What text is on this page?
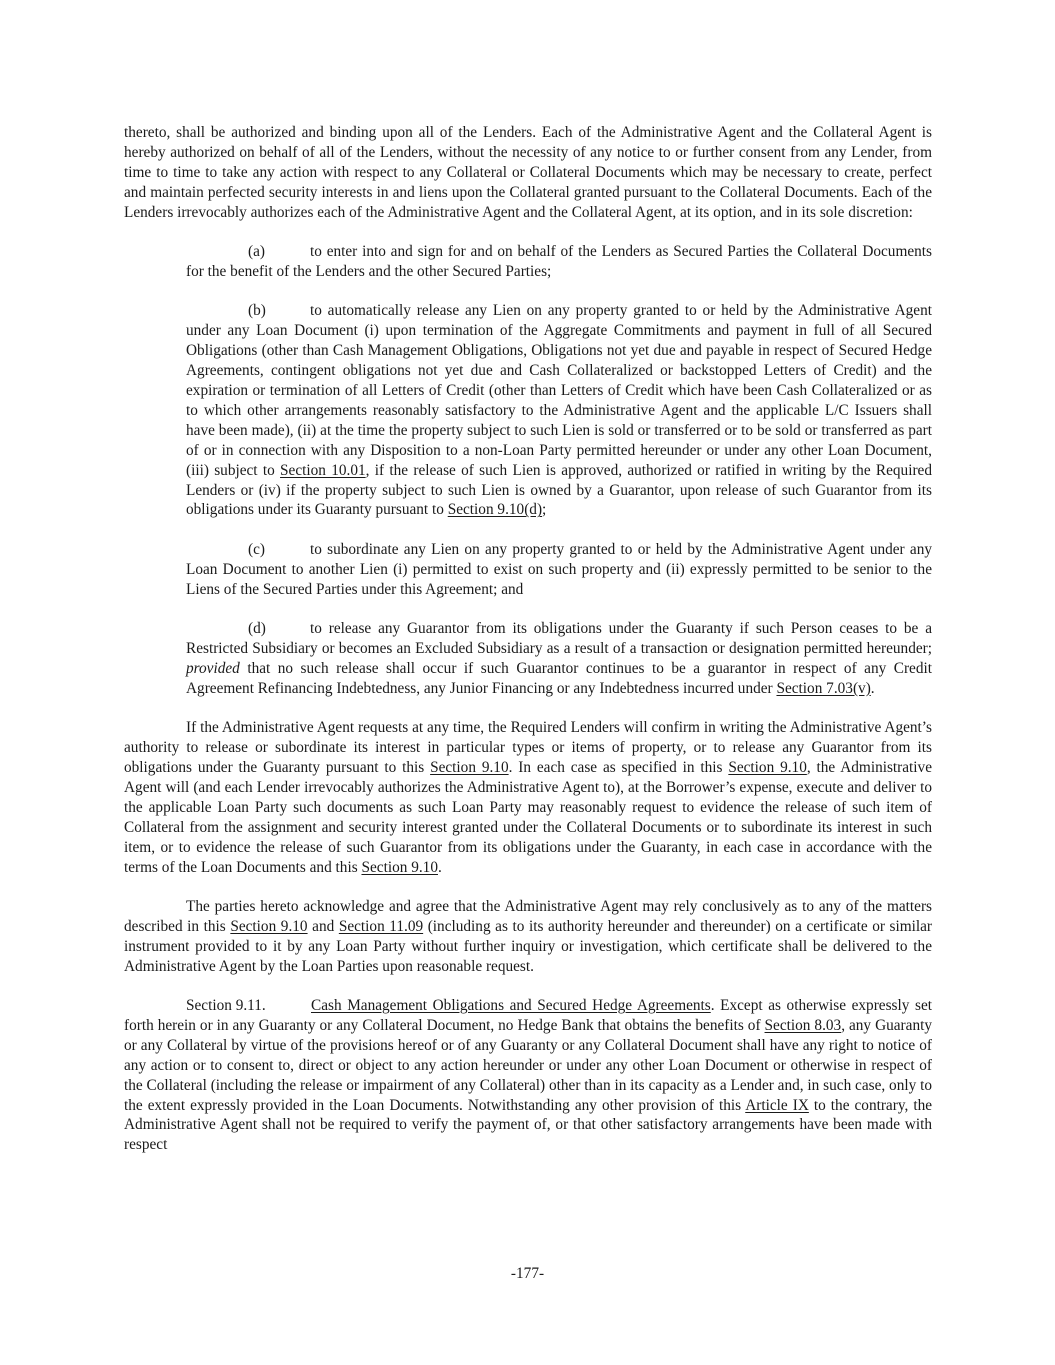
thereto, shall be authorized and binding upon all of the Lenders. Each of the Administrative Agent and the Collateral Agent is hereby authorized on behalf of all of the Lenders, without the necessity of any notice to or further consent from any Lender, from time to time to take any action with respect to any Collateral or Collateral Documents which may be necessary to create, perfect and maintain perfected security interests in and liens upon the Collateral granted pursuant to the Collateral Documents. Each of the Lenders irrevocably authorizes each of the Administrative Agent and the Collateral Agent, at its option, and in its sole discretion:

(a)	to enter into and sign for and on behalf of the Lenders as Secured Parties the Collateral Documents for the benefit of the Lenders and the other Secured Parties;

(b)	to automatically release any Lien on any property granted to or held by the Administrative Agent under any Loan Document (i) upon termination of the Aggregate Commitments and payment in full of all Secured Obligations (other than Cash Management Obligations, Obligations not yet due and payable in respect of Secured Hedge Agreements, contingent obligations not yet due and Cash Collateralized or backstopped Letters of Credit) and the expiration or termination of all Letters of Credit (other than Letters of Credit which have been Cash Collateralized or as to which other arrangements reasonably satisfactory to the Administrative Agent and the applicable L/C Issuers shall have been made), (ii) at the time the property subject to such Lien is sold or transferred or to be sold or transferred as part of or in connection with any Disposition to a non-Loan Party permitted hereunder or under any other Loan Document, (iii) subject to Section 10.01, if the release of such Lien is approved, authorized or ratified in writing by the Required Lenders or (iv) if the property subject to such Lien is owned by a Guarantor, upon release of such Guarantor from its obligations under its Guaranty pursuant to Section 9.10(d);

(c)	to subordinate any Lien on any property granted to or held by the Administrative Agent under any Loan Document to another Lien (i) permitted to exist on such property and (ii) expressly permitted to be senior to the Liens of the Secured Parties under this Agreement; and

(d)	to release any Guarantor from its obligations under the Guaranty if such Person ceases to be a Restricted Subsidiary or becomes an Excluded Subsidiary as a result of a transaction or designation permitted hereunder; provided that no such release shall occur if such Guarantor continues to be a guarantor in respect of any Credit Agreement Refinancing Indebtedness, any Junior Financing or any Indebtedness incurred under Section 7.03(v).

If the Administrative Agent requests at any time, the Required Lenders will confirm in writing the Administrative Agent’s authority to release or subordinate its interest in particular types or items of property, or to release any Guarantor from its obligations under the Guaranty pursuant to this Section 9.10. In each case as specified in this Section 9.10, the Administrative Agent will (and each Lender irrevocably authorizes the Administrative Agent to), at the Borrower’s expense, execute and deliver to the applicable Loan Party such documents as such Loan Party may reasonably request to evidence the release of such item of Collateral from the assignment and security interest granted under the Collateral Documents or to subordinate its interest in such item, or to evidence the release of such Guarantor from its obligations under the Guaranty, in each case in accordance with the terms of the Loan Documents and this Section 9.10.

The parties hereto acknowledge and agree that the Administrative Agent may rely conclusively as to any of the matters described in this Section 9.10 and Section 11.09 (including as to its authority hereunder and thereunder) on a certificate or similar instrument provided to it by any Loan Party without further inquiry or investigation, which certificate shall be delivered to the Administrative Agent by the Loan Parties upon reasonable request.

Section 9.11.	Cash Management Obligations and Secured Hedge Agreements. Except as otherwise expressly set forth herein or in any Guaranty or any Collateral Document, no Hedge Bank that obtains the benefits of Section 8.03, any Guaranty or any Collateral by virtue of the provisions hereof or of any Guaranty or any Collateral Document shall have any right to notice of any action or to consent to, direct or object to any action hereunder or under any other Loan Document or otherwise in respect of the Collateral (including the release or impairment of any Collateral) other than in its capacity as a Lender and, in such case, only to the extent expressly provided in the Loan Documents. Notwithstanding any other provision of this Article IX to the contrary, the Administrative Agent shall not be required to verify the payment of, or that other satisfactory arrangements have been made with respect

-177-
